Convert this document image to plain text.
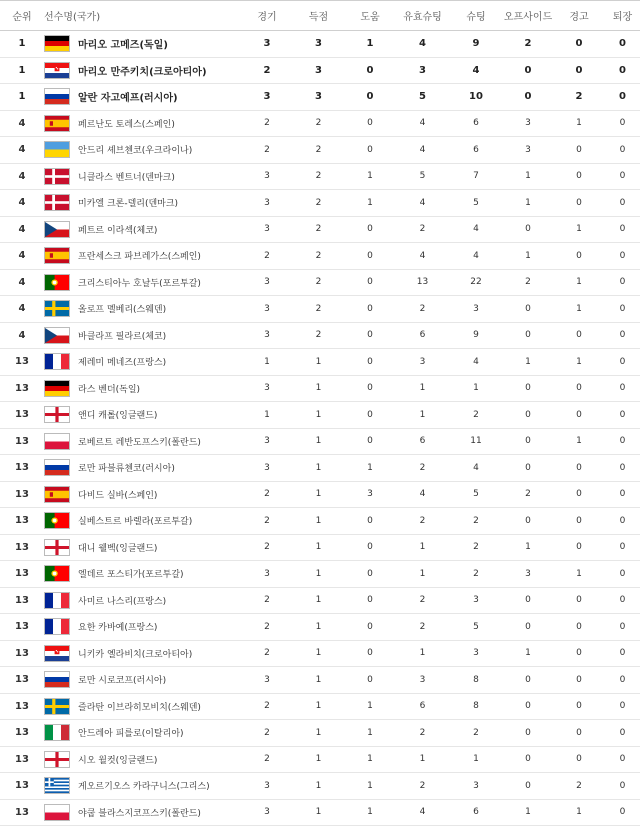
순위	선수명(국가)		경기	득점	도움	유효슈팅	슈팅	오프사이드	경고	퇴장
1		마리오 고메즈(독일)	3	3	1	4	9	2	0	0
1		마리오 만주키치(크로아티아)	2	3	0	3	4	0	0	0
1		알란 자고예프(러시아)	3	3	0	5	10	0	2	0
4		페르난도 토레스(스페인)	2	2	0	4	6	3	1	0
4		안드리 셰브첸코(우크라이나)	2	2	0	4	6	3	0	0
4		니클라스 벤트너(덴마크)	3	2	1	5	7	1	0	0
4		미카엘 크론-델리(덴마크)	3	2	1	4	5	1	0	0
4		페트르 이라섹(체코)	3	2	0	2	4	0	1	0
4		프란세스크 파브레가스(스페인)	2	2	0	4	4	1	0	0
4		크리스티아누 호날두(포르투갈)	3	2	0	13	22	2	1	0
4		올로프 멜베리(스웨덴)	3	2	0	2	3	0	1	0
4		바클라프 필라르(체코)	3	2	0	6	9	0	0	0
13		제레미 메네즈(프랑스)	1	1	0	3	4	1	1	0
13		라스 벤더(독일)	3	1	0	1	1	0	0	0
13		앤디 캐롤(잉글랜드)	1	1	0	1	2	0	0	0
13		로베르트 레반도프스키(폴란드)	3	1	0	6	11	0	1	0
13		로만 파블류첸코(러시아)	3	1	1	2	4	0	0	0
13		다비드 실바(스페인)	2	1	3	4	5	2	0	0
13		실베스트르 바렐라(포르투갈)	2	1	0	2	2	0	0	0
13		대니 웰벡(잉글랜드)	2	1	0	1	2	1	0	0
13		엘데르 포스티가(포르투갈)	3	1	0	1	2	3	1	0
13		사미르 나스리(프랑스)	2	1	0	2	3	0	0	0
13		요한 카바예(프랑스)	2	1	0	2	5	0	0	0
13		니키카 옐라비치(크로아티아)	2	1	0	1	3	1	0	0
13		로만 시로코프(러시아)	3	1	0	3	8	0	0	0
13		즐라탄 이브라히모비치(스웨덴)	2	1	1	6	8	0	0	0
13		안드레아 피를로(이탈리아)	2	1	1	2	2	0	0	0
13		시오 월컷(잉글랜드)	2	1	1	1	1	0	0	0
13		게오르기오스 카라구니스(그리스)	3	1	1	2	3	0	2	0
13		야쿱 블라스지코프스키(폴란드)	3	1	1	4	6	1	1	0
